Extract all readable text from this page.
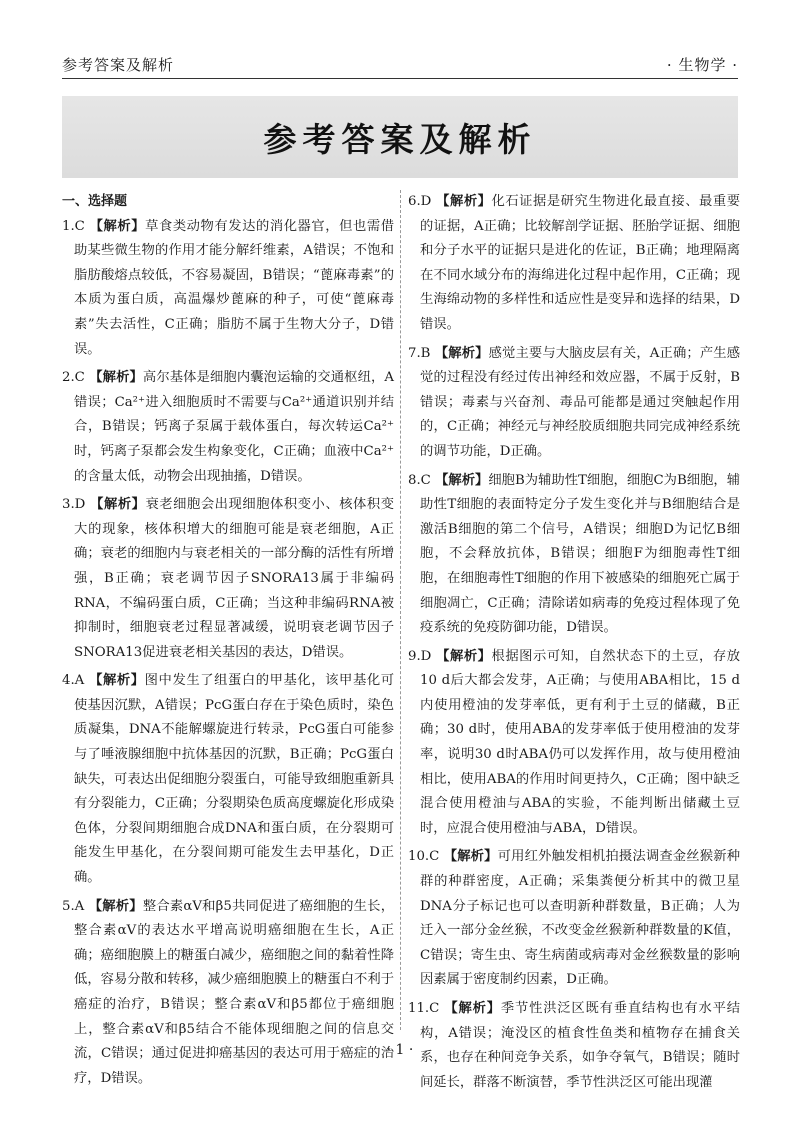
参考答案及解析	· 生物学 ·
参考答案及解析
一、选择题

1.C 【解析】草食类动物有发达的消化器官，但也需借助某些微生物的作用才能分解纤维素，A错误；不饱和脂肪酸熔点较低，不容易凝固，B错误；“蓖麻毒素”的本质为蛋白质，高温爆炒蓖麻的种子，可使“蓖麻毒素”失去活性，C正确；脂肪不属于生物大分子，D错误。

2.C 【解析】高尔基体是细胞内囊泡运输的交通枢纽，A错误；Ca²⁺进入细胞质时不需要与Ca²⁺通道识别并结合，B错误；钙离子泵属于载体蛋白，每次转运Ca²⁺时，钙离子泵都会发生构象变化，C正确；血液中Ca²⁺的含量太低，动物会出现抽搐，D错误。

3.D 【解析】衰老细胞会出现细胞体积变小、核体积变大的现象，核体积增大的细胞可能是衰老细胞，A正确；衰老的细胞内与衰老相关的一部分酶的活性有所增强，B正确；衰老调节因子SNORA13属于非编码RNA，不编码蛋白质，C正确；当这种非编码RNA被抑制时，细胞衰老过程显著减缓，说明衰老调节因子SNORA13促进衰老相关基因的表达，D错误。

4.A 【解析】图中发生了组蛋白的甲基化，该甲基化可使基因沉默，A错误；PcG蛋白存在于染色质时，染色质凝集，DNA不能解螺旋进行转录，PcG蛋白可能参与了唾液腺细胞中抗体基因的沉默，B正确；PcG蛋白缺失，可表达出促细胞分裂蛋白，可能导致细胞重新具有分裂能力，C正确；分裂期染色质高度螺旋化形成染色体，分裂间期细胞合成DNA和蛋白质，在分裂期可能发生甲基化，在分裂间期可能发生去甲基化，D正确。

5.A 【解析】整合素αV和β5共同促进了癌细胞的生长，整合素αV的表达水平增高说明癌细胞在生长，A正确；癌细胞膜上的糖蛋白减少，癌细胞之间的黏着性降低，容易分散和转移，减少癌细胞膜上的糖蛋白不利于癌症的治疗，B错误；整合素αV和β5都位于癌细胞上，整合素αV和β5结合不能体现细胞之间的信息交流，C错误；通过促进抑癌基因的表达可用于癌症的治疗，D错误。

6.D 【解析】化石证据是研究生物进化最直接、最重要的证据，A正确；比较解剖学证据、胚胎学证据、细胞和分子水平的证据只是进化的佐证，B正确；地理隔离在不同水域分布的海绵进化过程中起作用，C正确；现生海绵动物的多样性和适应性是变异和选择的结果，D错误。

7.B 【解析】感觉主要与大脑皮层有关，A正确；产生感觉的过程没有经过传出神经和效应器，不属于反射，B错误；毒素与兴奋剂、毒品可能都是通过突触起作用的，C正确；神经元与神经胶质细胞共同完成神经系统的调节功能，D正确。

8.C 【解析】细胞B为辅助性T细胞，细胞C为B细胞，辅助性T细胞的表面特定分子发生变化并与B细胞结合是激活B细胞的第二个信号，A错误；细胞D为记忆B细胞，不会释放抗体，B错误；细胞F为细胞毒性T细胞，在细胞毒性T细胞的作用下被感染的细胞死亡属于细胞凋亡，C正确；清除诺如病毒的免疫过程体现了免疫系统的免疫防御功能，D错误。

9.D 【解析】根据图示可知，自然状态下的土豆，存放10 d后大都会发芽，A正确；与使用ABA相比，15 d内使用橙油的发芽率低，更有利于土豆的储藏，B正确；30 d时，使用ABA的发芽率低于使用橙油的发芽率，说明30 d时ABA仍可以发挥作用，故与使用橙油相比，使用ABA的作用时间更持久，C正确；图中缺乏混合使用橙油与ABA的实验，不能判断出储藏土豆时，应混合使用橙油与ABA，D错误。

10.C 【解析】可用红外触发相机拍摄法调查金丝猴新种群的种群密度，A正确；采集粪便分析其中的微卫星DNA分子标记也可以查明新种群数量，B正确；人为迁入一部分金丝猴，不改变金丝猴新种群数量的K值，C错误；寄生虫、寄生病菌或病毒对金丝猴数量的影响因素属于密度制约因素，D正确。

11.C 【解析】季节性洪泛区既有垂直结构也有水平结构，A错误；淹没区的植食性鱼类和植物存在捕食关系，也存在种间竞争关系，如争夺氧气，B错误；随时间延长，群落不断演替，季节性洪泛区可能出现灌

· 1 ·
